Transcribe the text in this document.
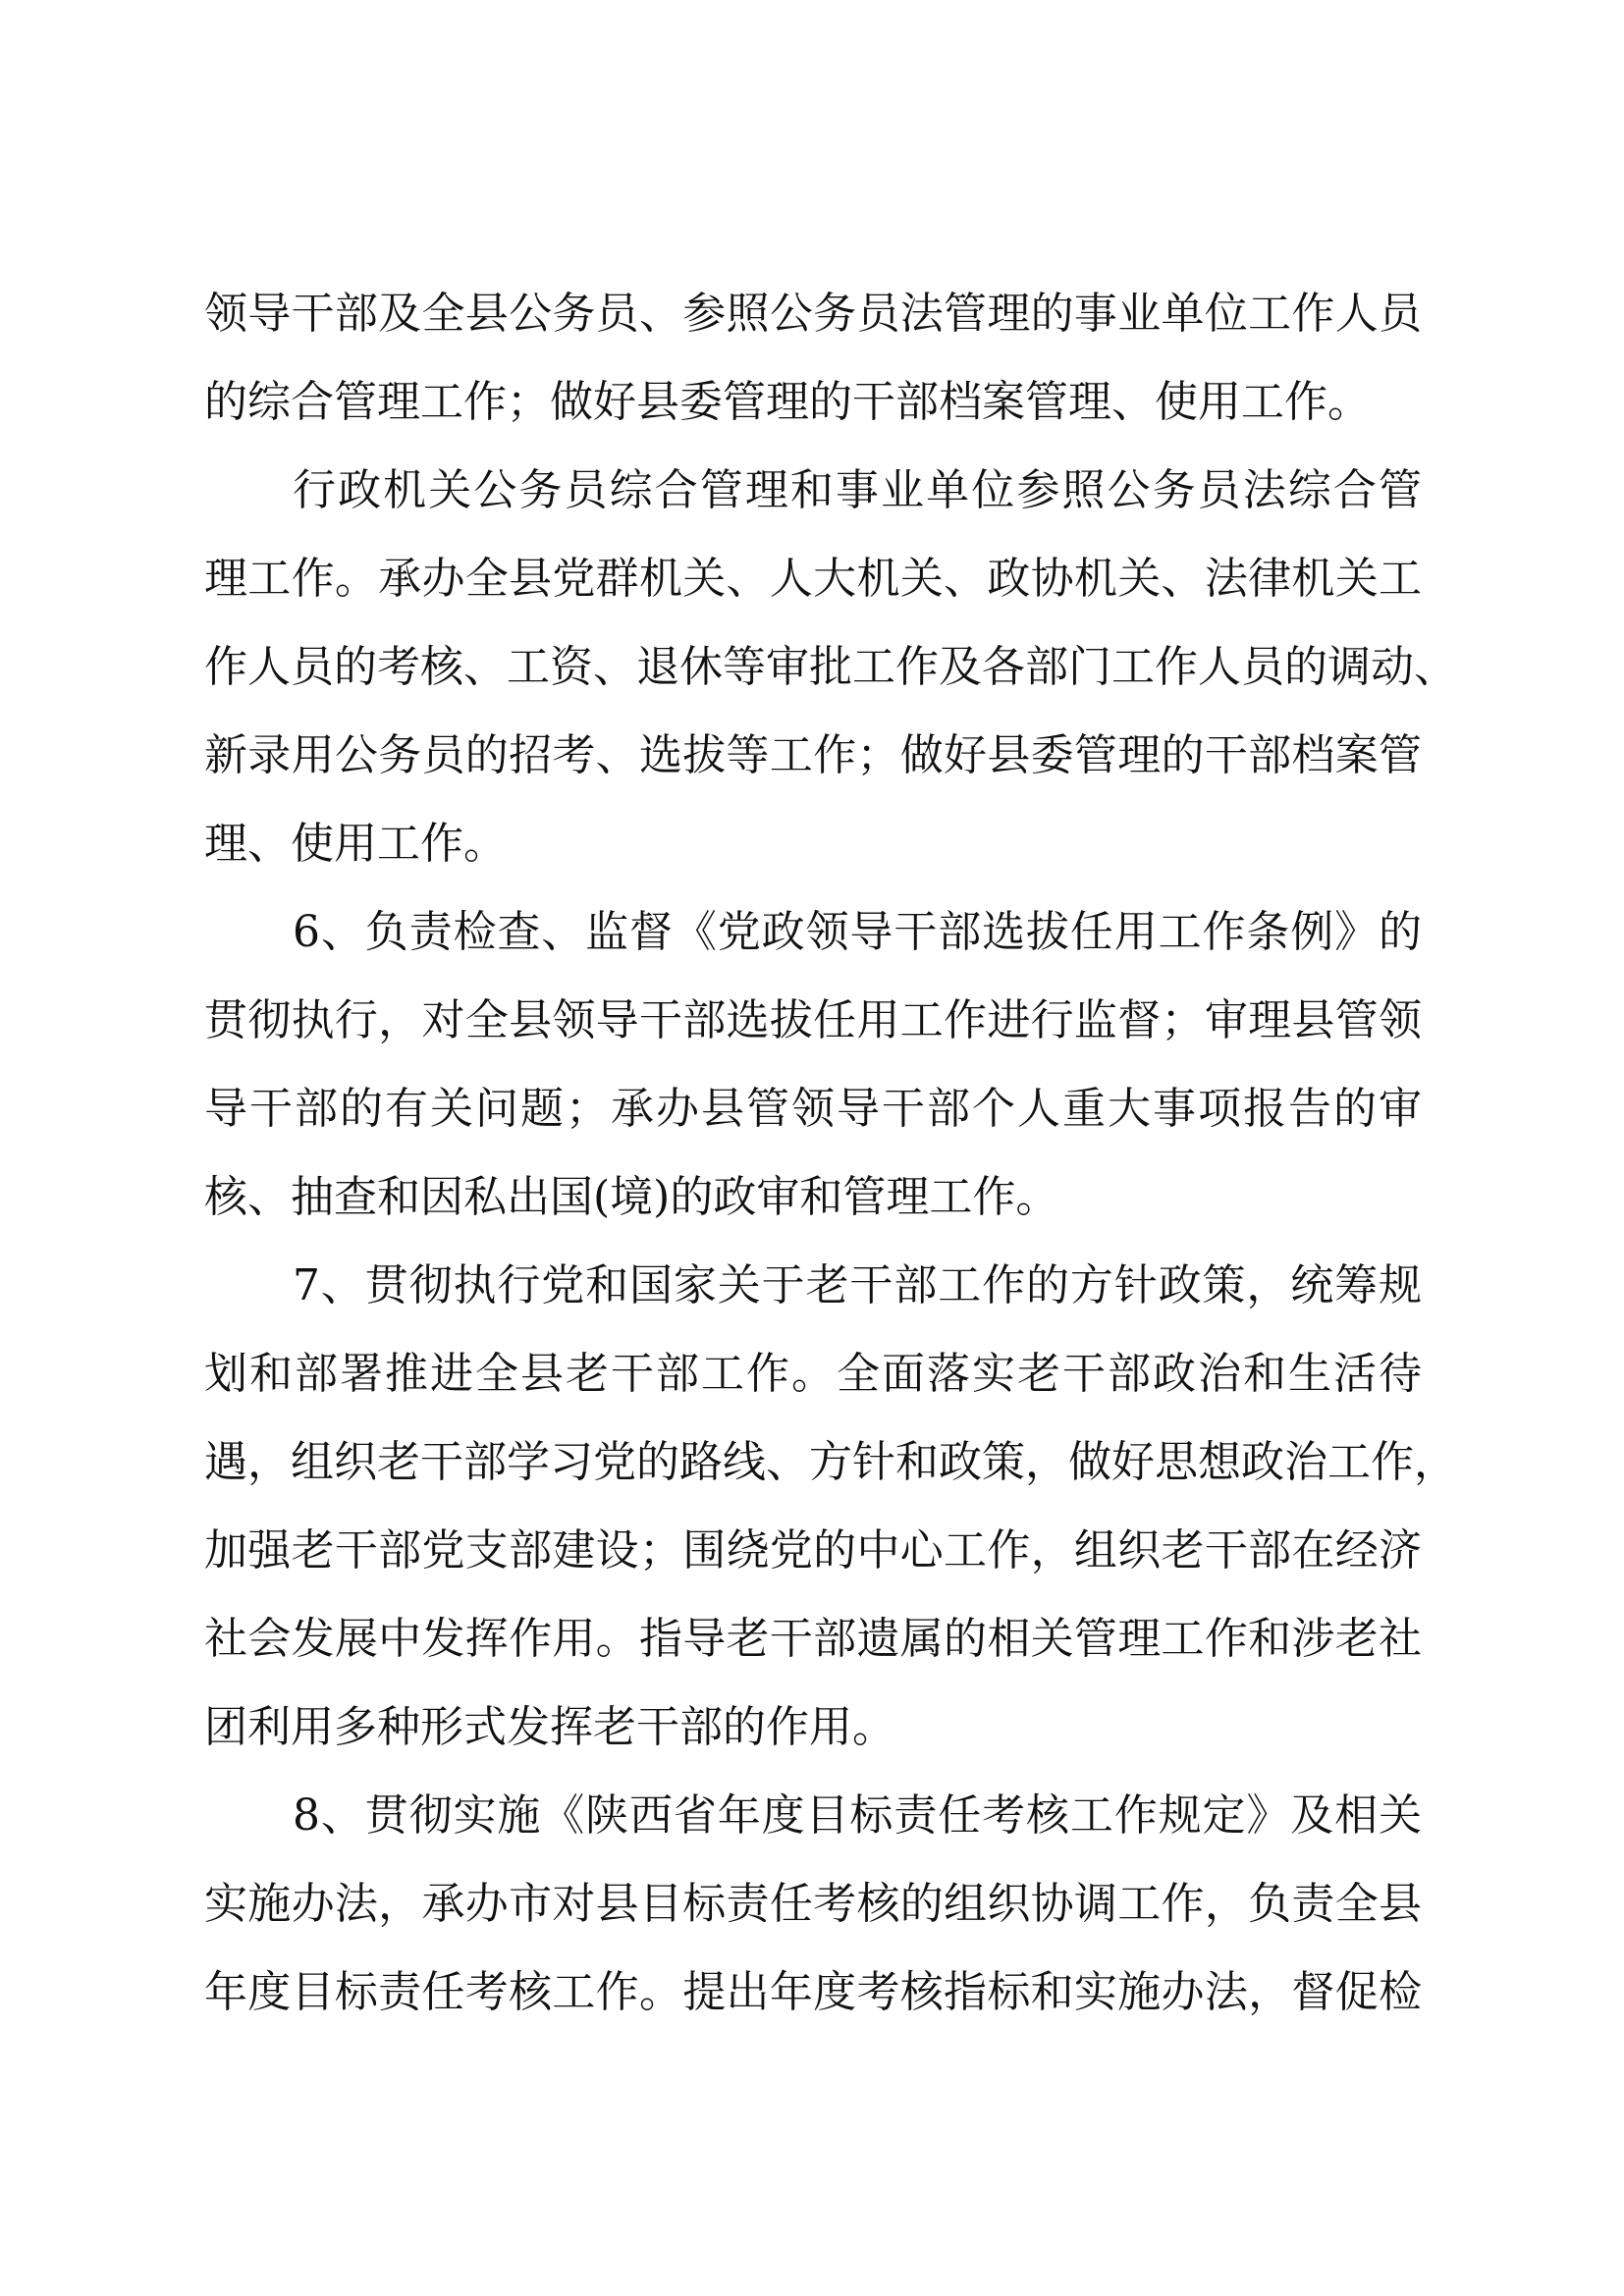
领导干部及全县公务员、参照公务员法管理的事业单位工作人员

的综合管理工作；做好县委管理的干部档案管理、使用工作。

行政机关公务员综合管理和事业单位参照公务员法综合管

理工作。承办全县党群机关、人大机关、政协机关、法律机关工

作人员的考核、工资、退休等审批工作及各部门工作人员的调动、

新录用公务员的招考、选拔等工作；做好县委管理的干部档案管

理、使用工作。

6、负责检查、监督《党政领导干部选拔任用工作条例》的

贯彻执行，对全县领导干部选拔任用工作进行监督；审理县管领

导干部的有关问题；承办县管领导干部个人重大事项报告的审

核、抽查和因私出国(境)的政审和管理工作。

7、贯彻执行党和国家关于老干部工作的方针政策，统筹规

划和部署推进全县老干部工作。全面落实老干部政治和生活待

遇，组织老干部学习党的路线、方针和政策，做好思想政治工作，

加强老干部党支部建设；围绕党的中心工作，组织老干部在经济

社会发展中发挥作用。指导老干部遗属的相关管理工作和涉老社

团利用多种形式发挥老干部的作用。

8、贯彻实施《陕西省年度目标责任考核工作规定》及相关

实施办法，承办市对县目标责任考核的组织协调工作，负责全县

年度目标责任考核工作。提出年度考核指标和实施办法，督促检
